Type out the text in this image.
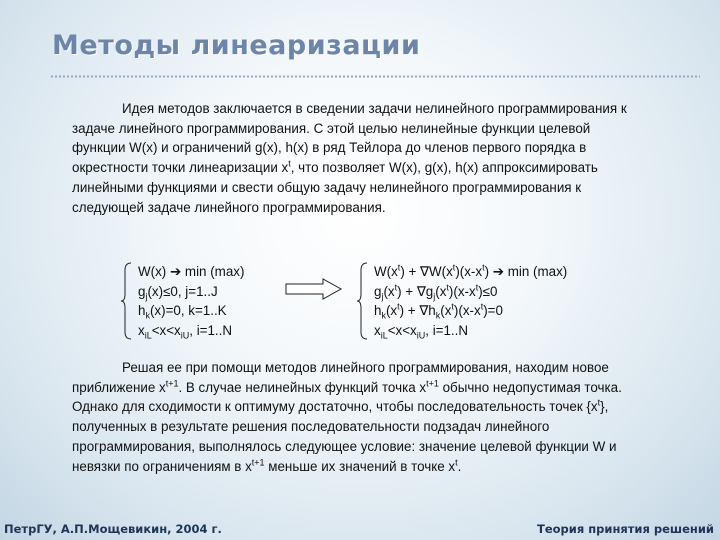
Методы линеаризации

Идея методов заключается в сведении задачи нелинейного программирования к задаче линейного программирования. С этой целью нелинейные функции целевой функции W(x) и ограничений g(x), h(x) в ряд Тейлора до членов первого порядка в окрестности точки линеаризации $x^t$, что позволяет W(x), g(x), h(x) аппроксимировать линейными функциями и свести общую задачу нелинейного программирования к следующей задаче линейного программирования.

W(x) ➔ min (max)
$g_j(x)\le 0$, j=1..J
$h_k(x)=0$, k=1..K
$x_{iL}<x<x_{iU}$, i=1..N
$W(x^t) + \nabla W(x^t)(x-x^t)$ ➔ min (max)
$g_j(x^t) + \nabla g_j(x^t)(x-x^t)\le 0$
$h_k(x^t) + \nabla h_k(x^t)(x-x^t)=0$
$x_{iL}<x<x_{iU}$, i=1..N

Решая ее при помощи методов линейного программирования, находим новое приближение $x^{t+1}$. В случае нелинейных функций точка $x^{t+1}$ обычно недопустимая точка. Однако для сходимости к оптимуму достаточно, чтобы последовательность точек $\{x^t\}$, полученных в результате решения последовательности подзадач линейного программирования, выполнялось следующее условие: значение целевой функции W и невязки по ограничениям в $x^{t+1}$ меньше их значений в точке $x^t$.

ПетрГУ, А.П.Мощевикин, 2004 г.	Теория принятия решений
